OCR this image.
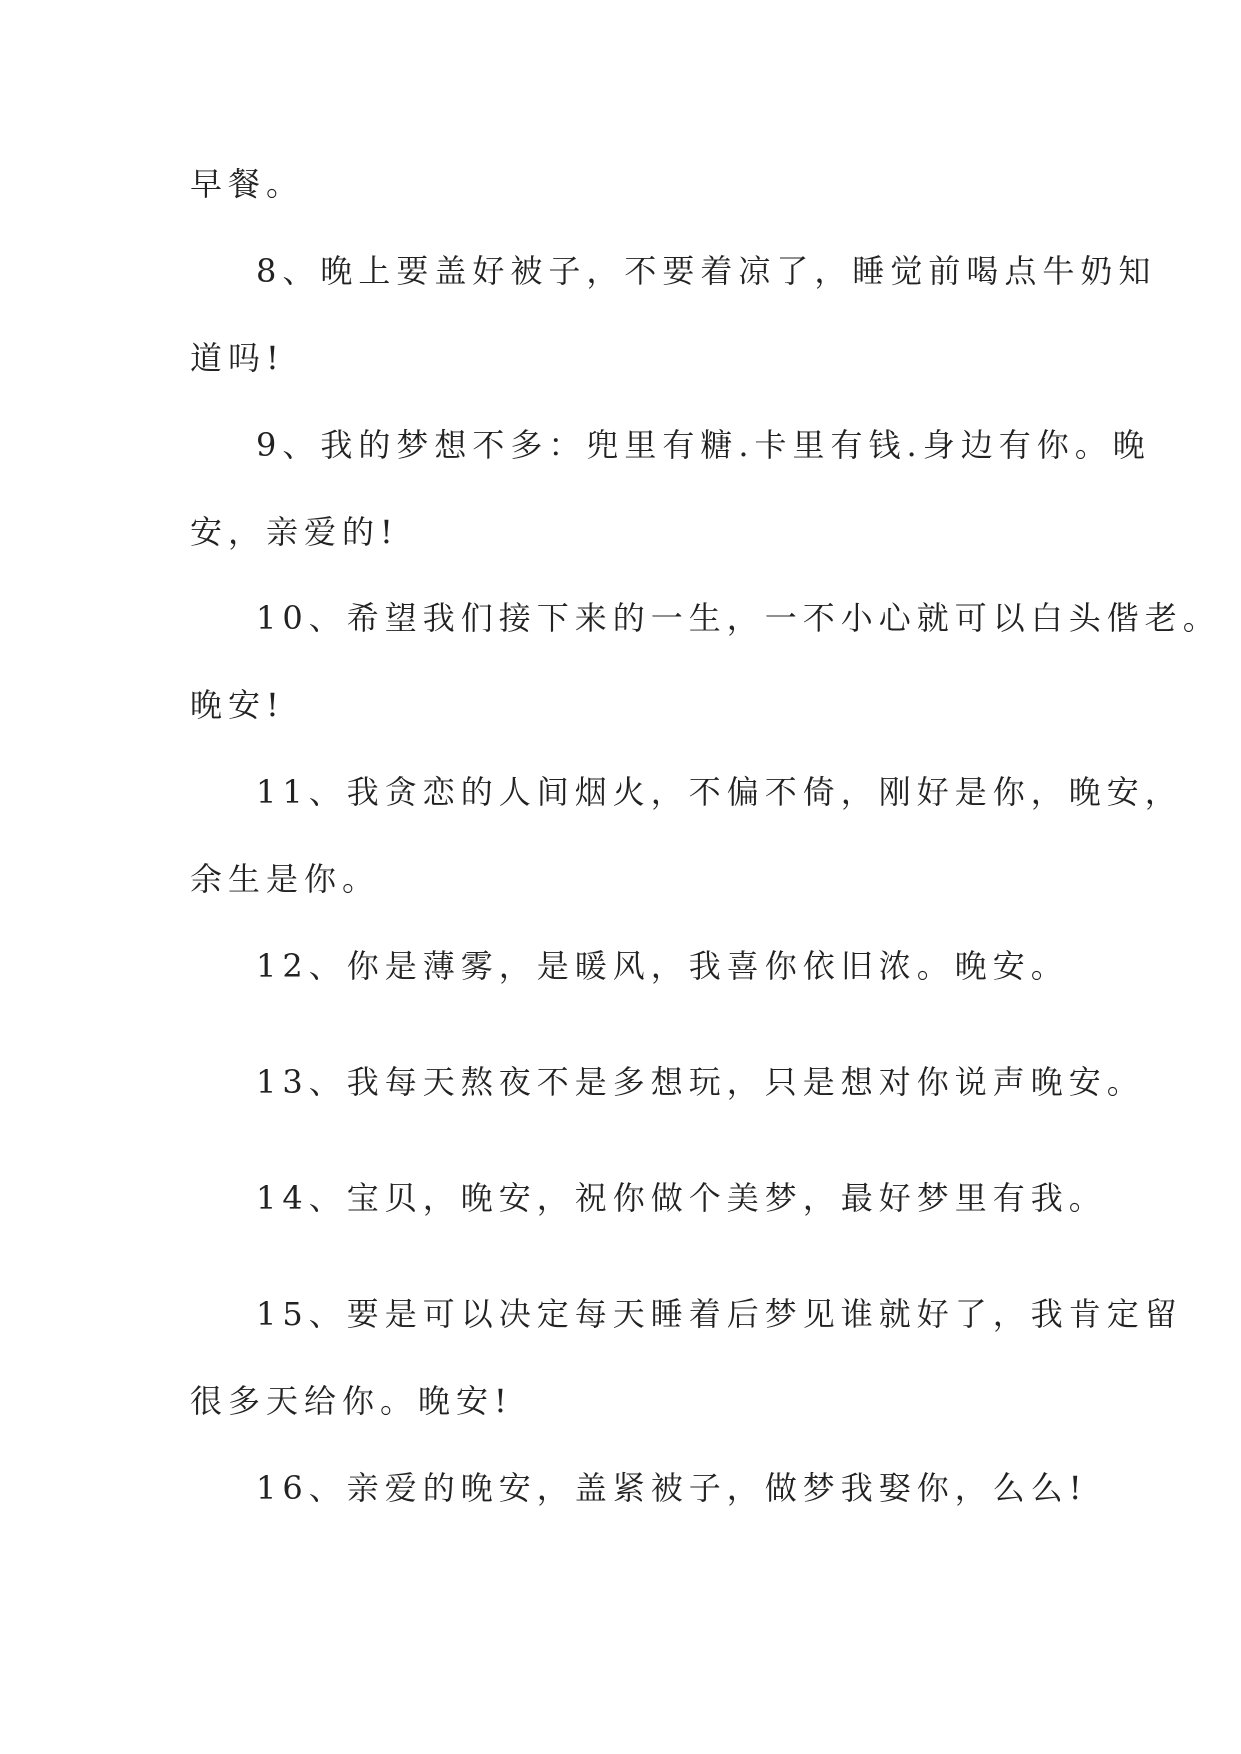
早餐。
8、晚上要盖好被子，不要着凉了，睡觉前喝点牛奶知
道吗!
9、我的梦想不多：兜里有糖.卡里有钱.身边有你。晚
安，亲爱的!
10、希望我们接下来的一生，一不小心就可以白头偕老。
晚安!
11、我贪恋的人间烟火，不偏不倚，刚好是你，晚安，
余生是你。
12、你是薄雾，是暖风，我喜你依旧浓。晚安。
13、我每天熬夜不是多想玩，只是想对你说声晚安。
14、宝贝，晚安，祝你做个美梦，最好梦里有我。
15、要是可以决定每天睡着后梦见谁就好了，我肯定留
很多天给你。晚安!
16、亲爱的晚安，盖紧被子，做梦我娶你，么么!
